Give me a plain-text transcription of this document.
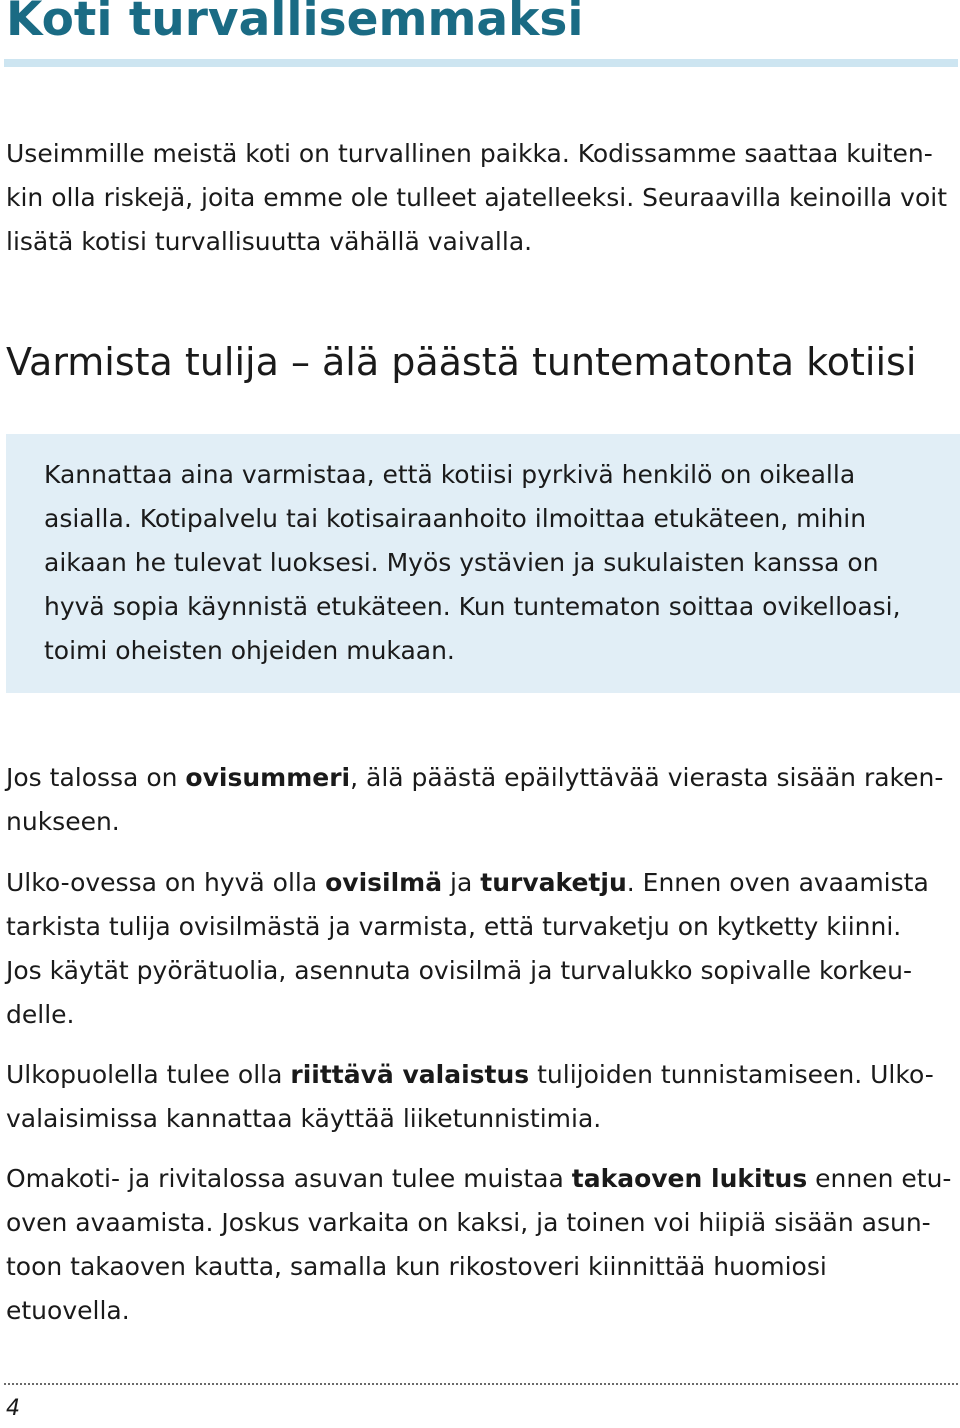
Koti turvallisemmaksi

Useimmille meistä koti on turvallinen paikka. Kodissamme saattaa kuiten-
kin olla riskejä, joita emme ole tulleet ajatelleeksi. Seuraavilla keinoilla voit
lisätä kotisi turvallisuutta vähällä vaivalla.

Varmista tulija – älä päästä tuntematonta kotiisi

Kannattaa aina varmistaa, että kotiisi pyrkivä henkilö on oikealla
asialla. Kotipalvelu tai kotisairaanhoito ilmoittaa etukäteen, mihin
aikaan he tulevat luoksesi. Myös ystävien ja sukulaisten kanssa on
hyvä sopia käynnistä etukäteen. Kun tuntematon soittaa ovikelloasi,
toimi oheisten ohjeiden mukaan.

Jos talossa on ovisummeri, älä päästä epäilyttävää vierasta sisään raken-
nukseen.

Ulko-ovessa on hyvä olla ovisilmä ja turvaketju. Ennen oven avaamista
tarkista tulija ovisilmästä ja varmista, että turvaketju on kytketty kiinni.
Jos käytät pyörätuolia, asennuta ovisilmä ja turvalukko sopivalle korkeu-
delle.

Ulkopuolella tulee olla riittävä valaistus tulijoiden tunnistamiseen. Ulko-
valaisimissa kannattaa käyttää liiketunnistimia.

Omakoti- ja rivitalossa asuvan tulee muistaa takaoven lukitus ennen etu-
oven avaamista. Joskus varkaita on kaksi, ja toinen voi hiipiä sisään asun-
toon takaoven kautta, samalla kun rikostoveri kiinnittää huomiosi etuovella.

4
